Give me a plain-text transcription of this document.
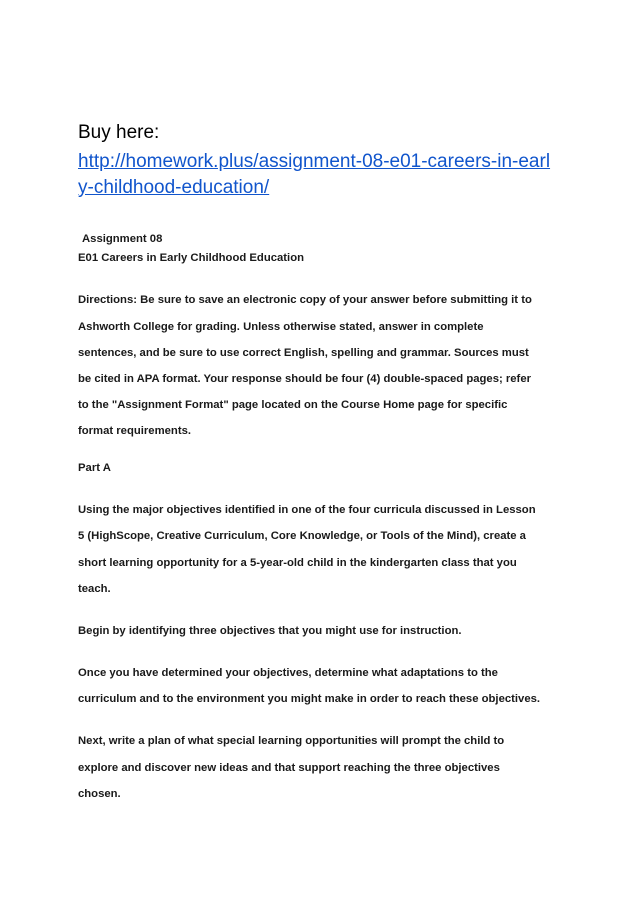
Buy here:
http://homework.plus/assignment-08-e01-careers-in-earl
y-childhood-education/
Assignment 08
E01 Careers in Early Childhood Education
Directions: Be sure to save an electronic copy of your answer before submitting it to
Ashworth College for grading. Unless otherwise stated, answer in complete
sentences, and be sure to use correct English, spelling and grammar. Sources must
be cited in APA format. Your response should be four (4) double-spaced pages; refer
to the "Assignment Format" page located on the Course Home page for specific
format requirements.
Part A
Using the major objectives identified in one of the four curricula discussed in Lesson
5 (HighScope, Creative Curriculum, Core Knowledge, or Tools of the Mind), create a
short learning opportunity for a 5-year-old child in the kindergarten class that you
teach.
Begin by identifying three objectives that you might use for instruction.
Once you have determined your objectives, determine what adaptations to the
curriculum and to the environment you might make in order to reach these objectives.
Next, write a plan of what special learning opportunities will prompt the child to
explore and discover new ideas and that support reaching the three objectives
chosen.
